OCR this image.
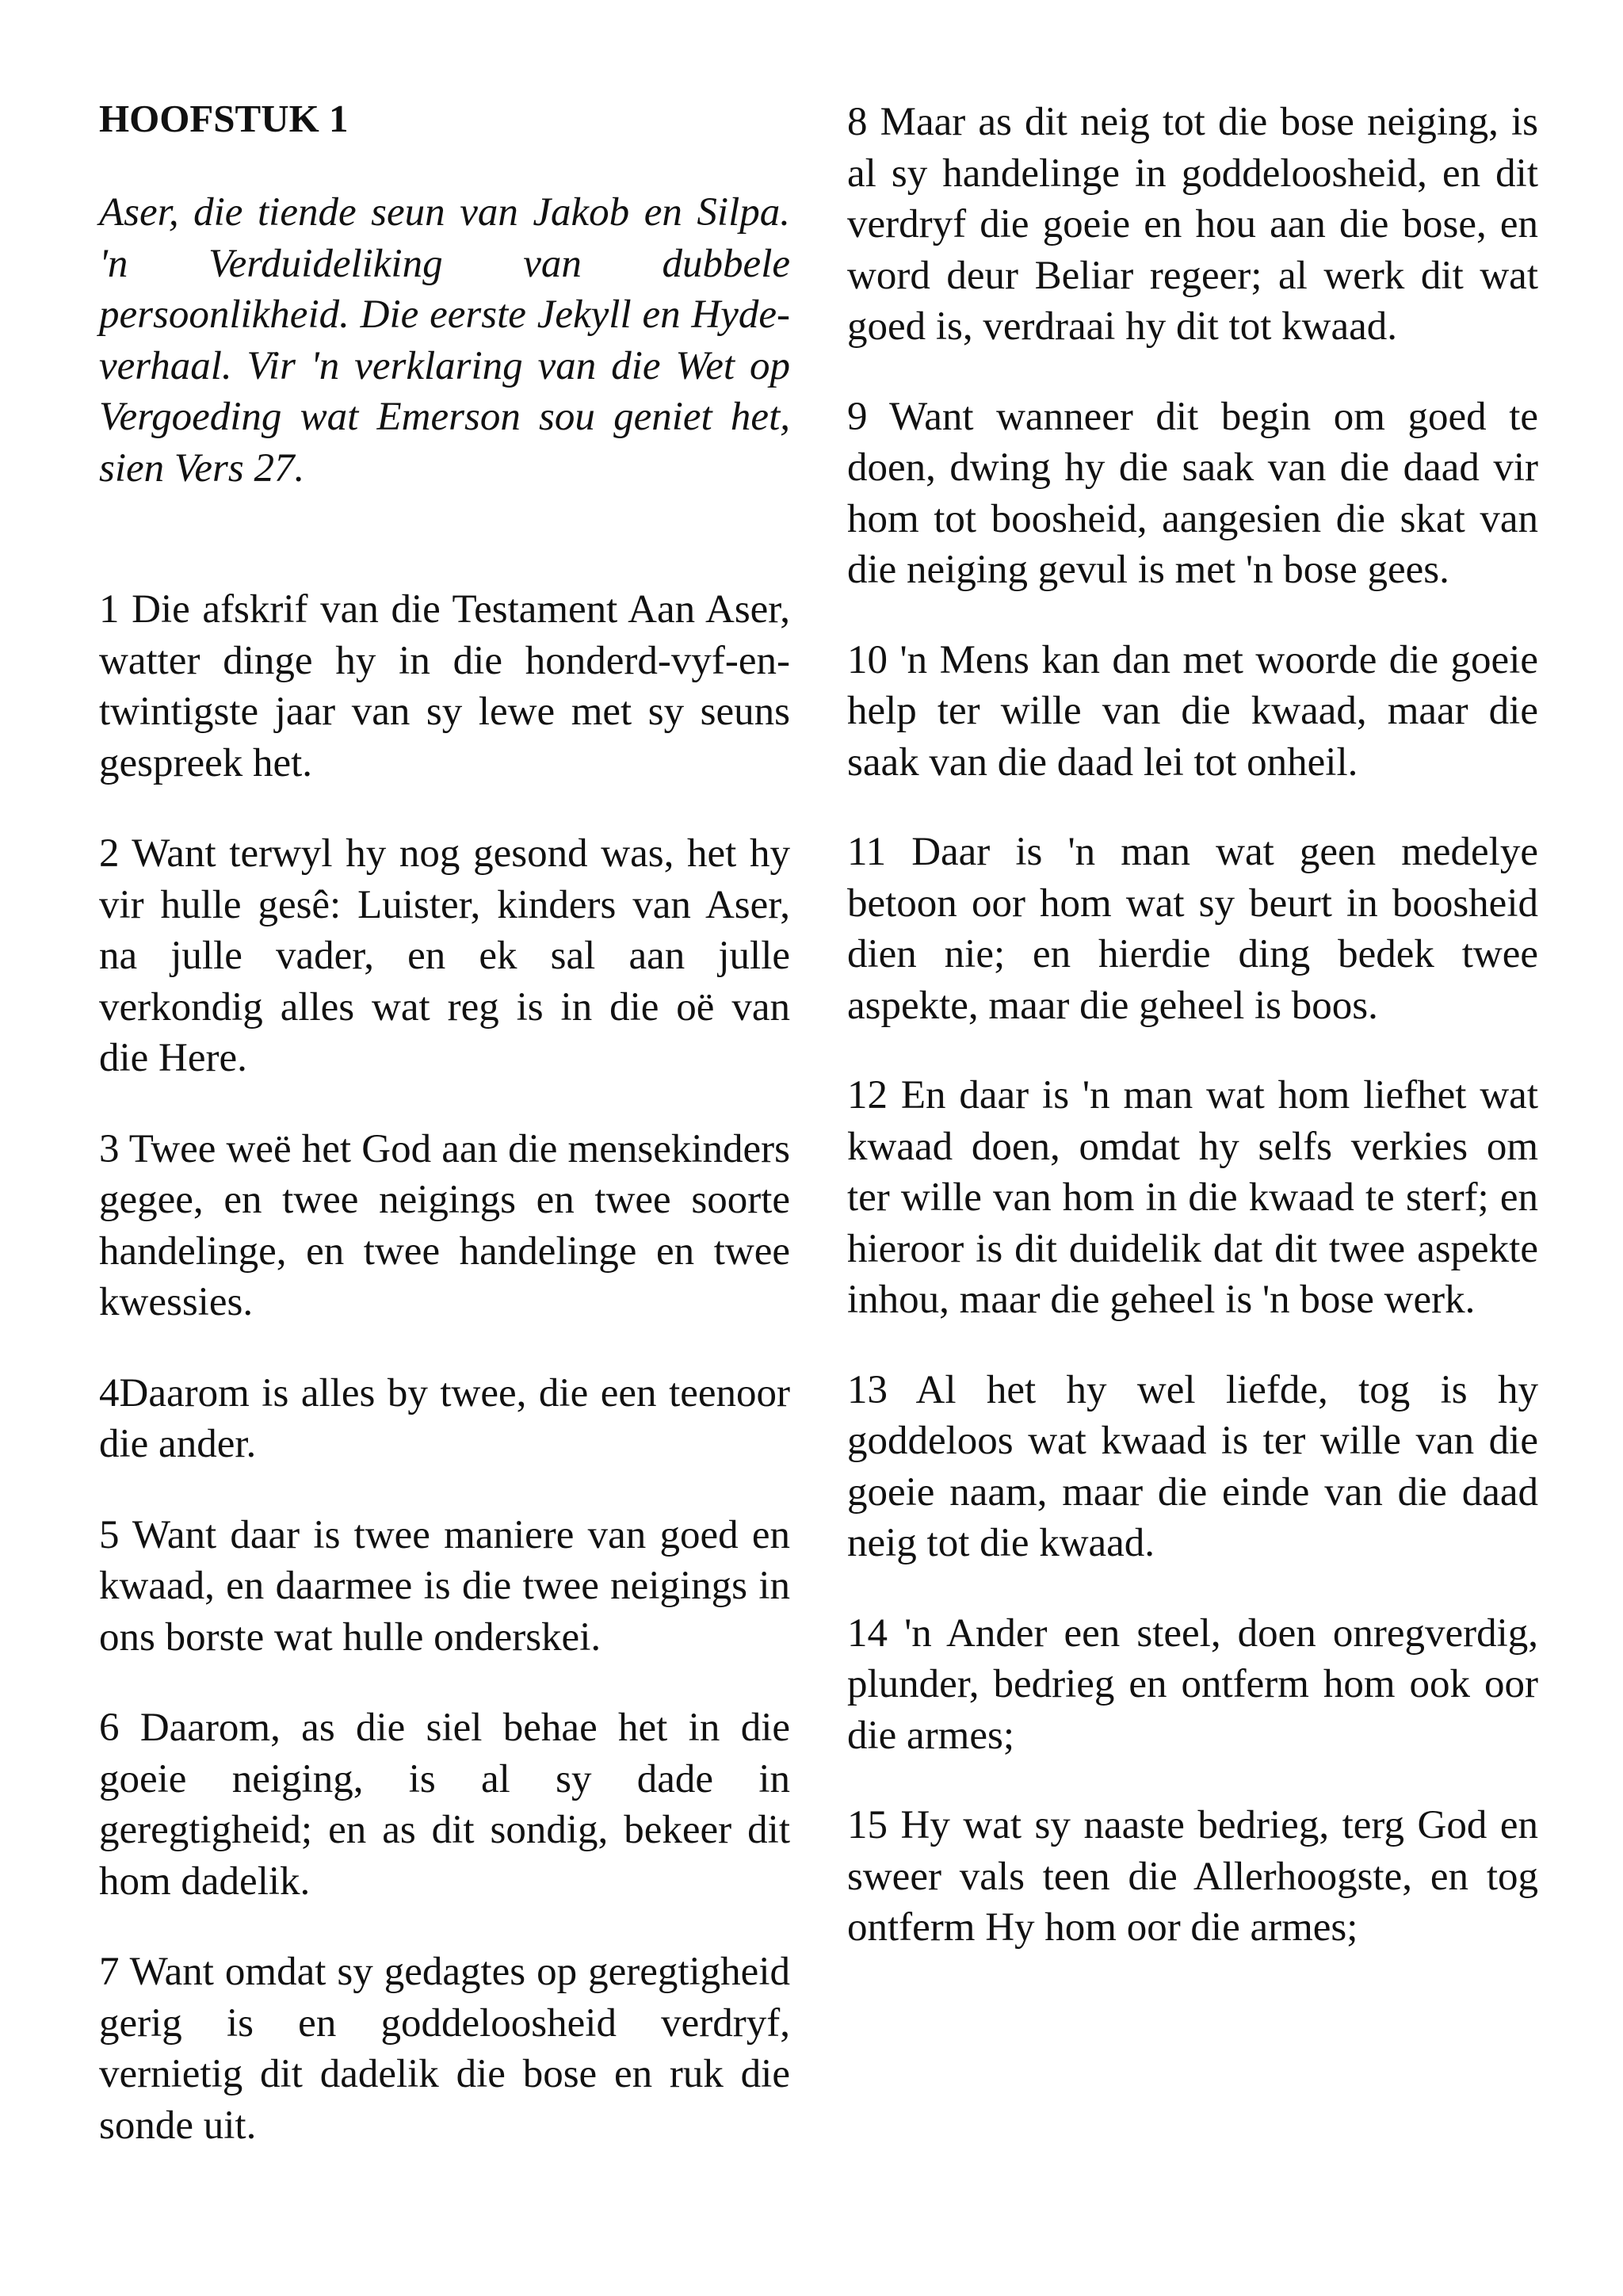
HOOFSTUK 1

Aser, die tiende seun van Jakob en Silpa. 'n Verduideliking van dubbele persoonlikheid. Die eerste Jekyll en Hyde-verhaal. Vir 'n verklaring van die Wet op Vergoeding wat Emerson sou geniet het, sien Vers 27.

1 Die afskrif van die Testament Aan Aser, watter dinge hy in die honderd-vyf-en-twintigste jaar van sy lewe met sy seuns gespreek het.

2 Want terwyl hy nog gesond was, het hy vir hulle gesê: Luister, kinders van Aser, na julle vader, en ek sal aan julle verkondig alles wat reg is in die oë van die Here.

3 Twee weë het God aan die mensekinders gegee, en twee neigings en twee soorte handelinge, en twee handelinge en twee kwessies.

4Daarom is alles by twee, die een teenoor die ander.

5 Want daar is twee maniere van goed en kwaad, en daarmee is die twee neigings in ons borste wat hulle onderskei.

6 Daarom, as die siel behae het in die goeie neiging, is al sy dade in geregtigheid; en as dit sondig, bekeer dit hom dadelik.

7 Want omdat sy gedagtes op geregtigheid gerig is en goddeloosheid verdryf, vernietig dit dadelik die bose en ruk die sonde uit.

8 Maar as dit neig tot die bose neiging, is al sy handelinge in goddeloosheid, en dit verdryf die goeie en hou aan die bose, en word deur Beliar regeer; al werk dit wat goed is, verdraai hy dit tot kwaad.

9 Want wanneer dit begin om goed te doen, dwing hy die saak van die daad vir hom tot boosheid, aangesien die skat van die neiging gevul is met 'n bose gees.

10 'n Mens kan dan met woorde die goeie help ter wille van die kwaad, maar die saak van die daad lei tot onheil.

11 Daar is 'n man wat geen medelye betoon oor hom wat sy beurt in boosheid dien nie; en hierdie ding bedek twee aspekte, maar die geheel is boos.

12 En daar is 'n man wat hom liefhet wat kwaad doen, omdat hy selfs verkies om ter wille van hom in die kwaad te sterf; en hieroor is dit duidelik dat dit twee aspekte inhou, maar die geheel is 'n bose werk.

13 Al het hy wel liefde, tog is hy goddeloos wat kwaad is ter wille van die goeie naam, maar die einde van die daad neig tot die kwaad.

14 'n Ander een steel, doen onregverdig, plunder, bedrieg en ontferm hom ook oor die armes;

15 Hy wat sy naaste bedrieg, terg God en sweer vals teen die Allerhoogste, en tog ontferm Hy hom oor die armes;
